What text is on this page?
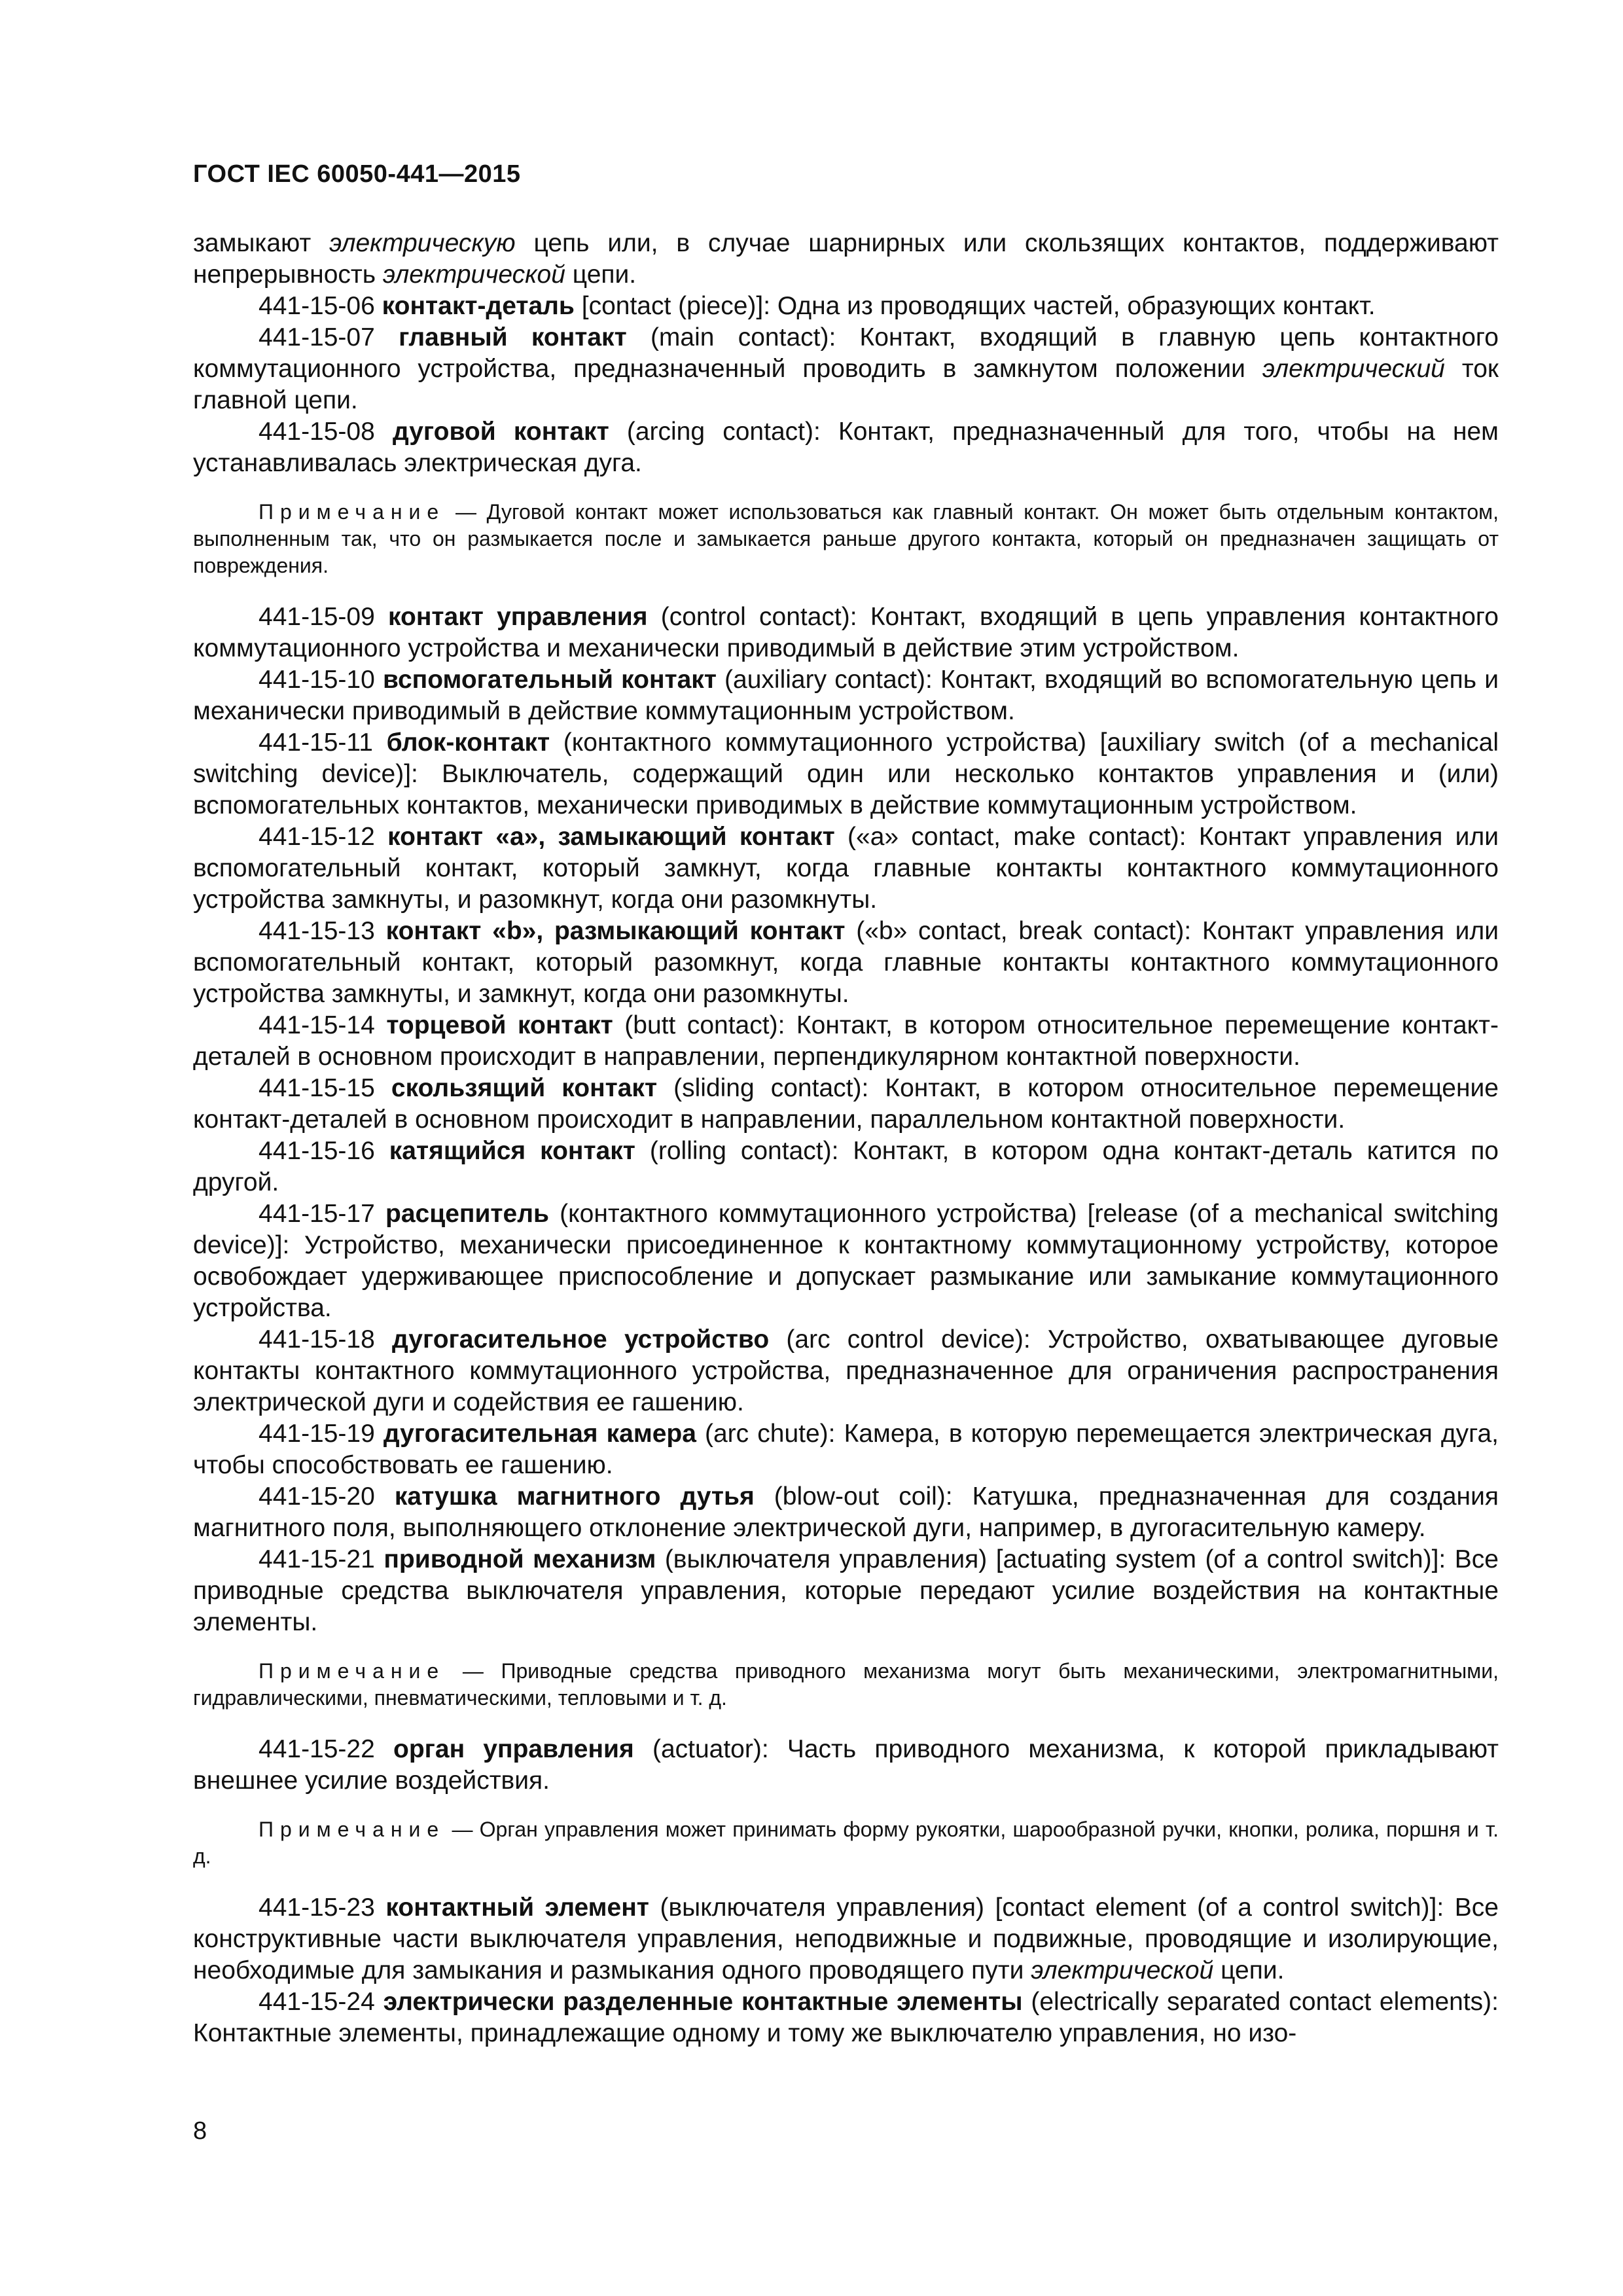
ГОСТ IEC 60050-441—2015

замыкают электрическую цепь или, в случае шарнирных или скользящих контактов, поддерживают непрерывность электрической цепи.

441-15-06 контакт-деталь [contact (piece)]: Одна из проводящих частей, образующих контакт.

441-15-07 главный контакт (main contact): Контакт, входящий в главную цепь контактного коммутационного устройства, предназначенный проводить в замкнутом положении электрический ток главной цепи.

441-15-08 дуговой контакт (arcing contact): Контакт, предназначенный для того, чтобы на нем устанавливалась электрическая дуга.

Примечание — Дуговой контакт может использоваться как главный контакт. Он может быть отдельным контактом, выполненным так, что он размыкается после и замыкается раньше другого контакта, который он предназначен защищать от повреждения.

441-15-09 контакт управления (control contact): Контакт, входящий в цепь управления контактного коммутационного устройства и механически приводимый в действие этим устройством.

441-15-10 вспомогательный контакт (auxiliary contact): Контакт, входящий во вспомогательную цепь и механически приводимый в действие коммутационным устройством.

441-15-11 блок-контакт (контактного коммутационного устройства) [auxiliary switch (of a mechanical switching device)]: Выключатель, содержащий один или несколько контактов управления и (или) вспомогательных контактов, механически приводимых в действие коммутационным устройством.

441-15-12 контакт «а», замыкающий контакт («а» contact, make contact): Контакт управления или вспомогательный контакт, который замкнут, когда главные контакты контактного коммутационного устройства замкнуты, и разомкнут, когда они разомкнуты.

441-15-13 контакт «b», размыкающий контакт («b» contact, break contact): Контакт управления или вспомогательный контакт, который разомкнут, когда главные контакты контактного коммутационного устройства замкнуты, и замкнут, когда они разомкнуты.

441-15-14 торцевой контакт (butt contact): Контакт, в котором относительное перемещение контакт-деталей в основном происходит в направлении, перпендикулярном контактной поверхности.

441-15-15 скользящий контакт (sliding contact): Контакт, в котором относительное перемещение контакт-деталей в основном происходит в направлении, параллельном контактной поверхности.

441-15-16 катящийся контакт (rolling contact): Контакт, в котором одна контакт-деталь катится по другой.

441-15-17 расцепитель (контактного коммутационного устройства) [release (of a mechanical switching device)]: Устройство, механически присоединенное к контактному коммутационному устройству, которое освобождает удерживающее приспособление и допускает размыкание или замыкание коммутационного устройства.

441-15-18 дугогасительное устройство (arc control device): Устройство, охватывающее дуговые контакты контактного коммутационного устройства, предназначенное для ограничения распространения электрической дуги и содействия ее гашению.

441-15-19 дугогасительная камера (arc chute): Камера, в которую перемещается электрическая дуга, чтобы способствовать ее гашению.

441-15-20 катушка магнитного дутья (blow-out coil): Катушка, предназначенная для создания магнитного поля, выполняющего отклонение электрической дуги, например, в дугогасительную камеру.

441-15-21 приводной механизм (выключателя управления) [actuating system (of a control switch)]: Все приводные средства выключателя управления, которые передают усилие воздействия на контактные элементы.

Примечание — Приводные средства приводного механизма могут быть механическими, электромагнитными, гидравлическими, пневматическими, тепловыми и т. д.

441-15-22 орган управления (actuator): Часть приводного механизма, к которой прикладывают внешнее усилие воздействия.

Примечание — Орган управления может принимать форму рукоятки, шарообразной ручки, кнопки, ролика, поршня и т. д.

441-15-23 контактный элемент (выключателя управления) [contact element (of a control switch)]: Все конструктивные части выключателя управления, неподвижные и подвижные, проводящие и изолирующие, необходимые для замыкания и размыкания одного проводящего пути электрической цепи.

441-15-24 электрически разделенные контактные элементы (electrically separated contact elements): Контактные элементы, принадлежащие одному и тому же выключателю управления, но изо-

8
